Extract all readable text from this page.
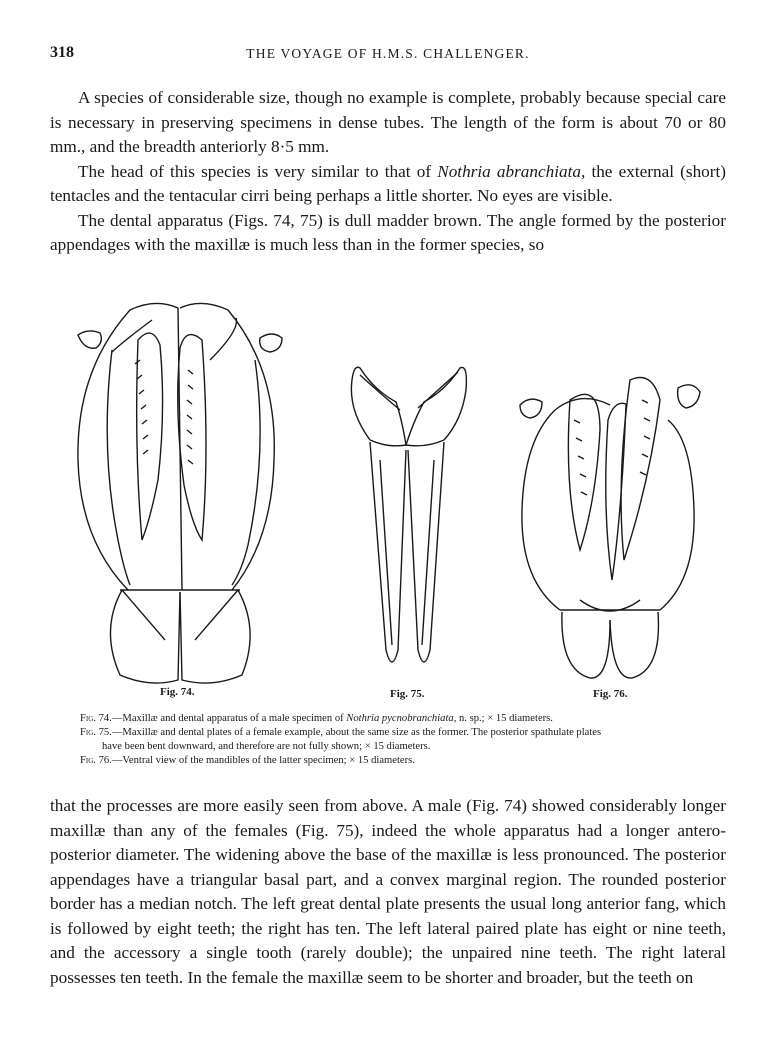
318	THE VOYAGE OF H.M.S. CHALLENGER.

A species of considerable size, though no example is complete, probably because special care is necessary in preserving specimens in dense tubes. The length of the form is about 70 or 80 mm., and the breadth anteriorly 8·5 mm.

The head of this species is very similar to that of Nothria abranchiata, the external (short) tentacles and the tentacular cirri being perhaps a little shorter. No eyes are visible.

The dental apparatus (Figs. 74, 75) is dull madder brown. The angle formed by the posterior appendages with the maxillæ is much less than in the former species, so

Fig. 74.	Fig. 75.	Fig. 76.
Fig. 74.—Maxillæ and dental apparatus of a male specimen of Nothria pycnobranchiata, n. sp.; × 15 diameters.
Fig. 75.—Maxillæ and dental plates of a female example, about the same size as the former. The posterior spathulate plates
have been bent downward, and therefore are not fully shown; × 15 diameters.
Fig. 76.—Ventral view of the mandibles of the latter specimen; × 15 diameters.

that the processes are more easily seen from above. A male (Fig. 74) showed considerably longer maxillæ than any of the females (Fig. 75), indeed the whole apparatus had a longer antero-posterior diameter. The widening above the base of the maxillæ is less pronounced. The posterior appendages have a triangular basal part, and a convex marginal region. The rounded posterior border has a median notch. The left great dental plate presents the usual long anterior fang, which is followed by eight teeth; the right has ten. The left lateral paired plate has eight or nine teeth, and the accessory a single tooth (rarely double); the unpaired nine teeth. The right lateral possesses ten teeth. In the female the maxillæ seem to be shorter and broader, but the teeth on
